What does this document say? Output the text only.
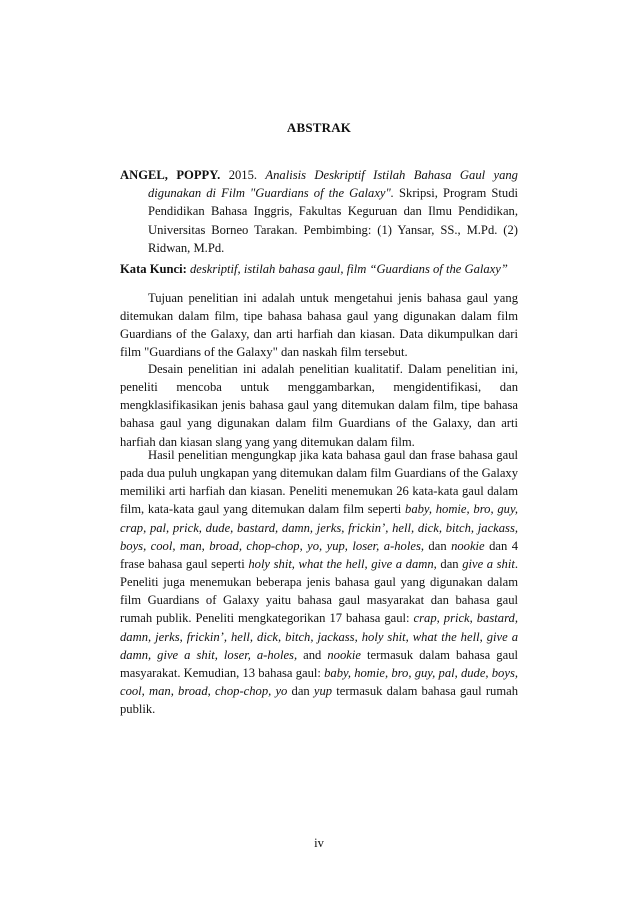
ABSTRAK
ANGEL, POPPY. 2015. Analisis Deskriptif Istilah Bahasa Gaul yang digunakan di Film "Guardians of the Galaxy". Skripsi, Program Studi Pendidikan Bahasa Inggris, Fakultas Keguruan dan Ilmu Pendidikan, Universitas Borneo Tarakan. Pembimbing: (1) Yansar, SS., M.Pd. (2) Ridwan, M.Pd.
Kata Kunci: deskriptif, istilah bahasa gaul, film “Guardians of the Galaxy”

Tujuan penelitian ini adalah untuk mengetahui jenis bahasa gaul yang ditemukan dalam film, tipe bahasa bahasa gaul yang digunakan dalam film Guardians of the Galaxy, dan arti harfiah dan kiasan. Data dikumpulkan dari film "Guardians of the Galaxy" dan naskah film tersebut.

Desain penelitian ini adalah penelitian kualitatif. Dalam penelitian ini, peneliti mencoba untuk menggambarkan, mengidentifikasi, dan mengklasifikasikan jenis bahasa gaul yang ditemukan dalam film, tipe bahasa bahasa gaul yang digunakan dalam film Guardians of the Galaxy, dan arti harfiah dan kiasan slang yang yang ditemukan dalam film.

Hasil penelitian mengungkap jika kata bahasa gaul dan frase bahasa gaul pada dua puluh ungkapan yang ditemukan dalam film Guardians of the Galaxy memiliki arti harfiah dan kiasan. Peneliti menemukan 26 kata-kata gaul dalam film, kata-kata gaul yang ditemukan dalam film seperti baby, homie, bro, guy, crap, pal, prick, dude, bastard, damn, jerks, frickin’, hell, dick, bitch, jackass, boys, cool, man, broad, chop-chop, yo, yup, loser, a-holes, dan nookie dan 4 frase bahasa gaul seperti holy shit, what the hell, give a damn, dan give a shit. Peneliti juga menemukan beberapa jenis bahasa gaul yang digunakan dalam film Guardians of Galaxy yaitu bahasa gaul masyarakat dan bahasa gaul rumah publik. Peneliti mengkategorikan 17 bahasa gaul: crap, prick, bastard, damn, jerks, frickin’, hell, dick, bitch, jackass, holy shit, what the hell, give a damn, give a shit, loser, a-holes, and nookie termasuk dalam bahasa gaul masyarakat. Kemudian, 13 bahasa gaul: baby, homie, bro, guy, pal, dude, boys, cool, man, broad, chop-chop, yo dan yup termasuk dalam bahasa gaul rumah publik.

iv
